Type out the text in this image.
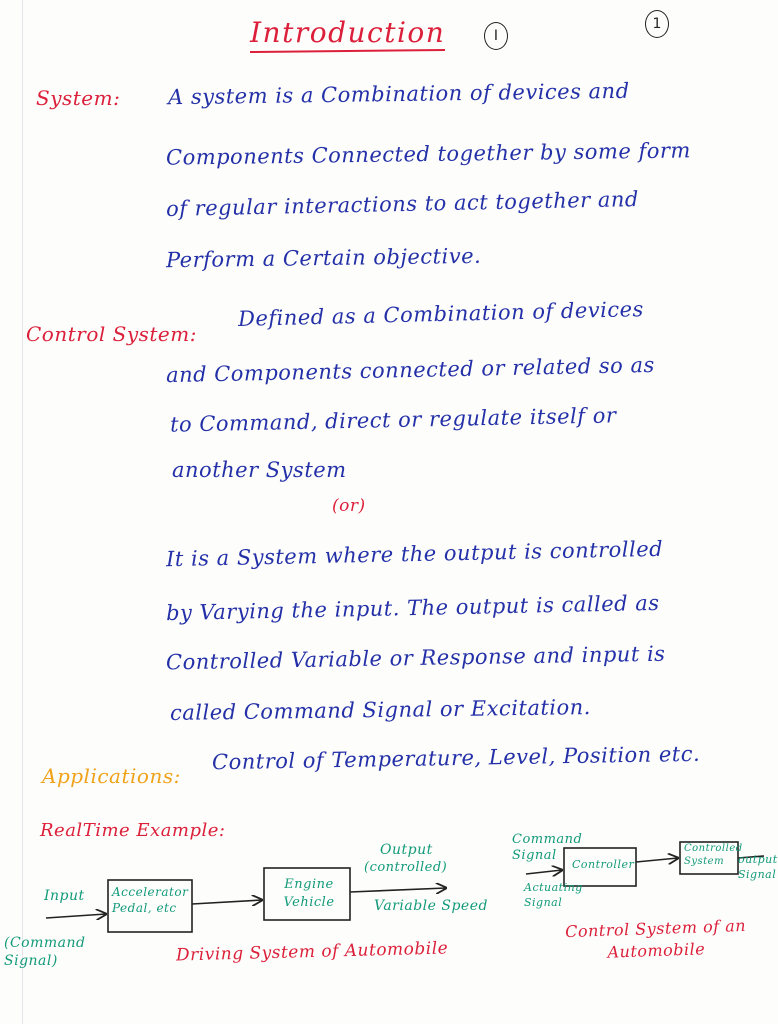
Introduction	I
1
System: A system is a Combination of devices and
Components Connected together by some form
of regular interactions to act together and
Perform a Certain objective.
Control System:
Defined as a Combination of devices
and Components connected or related so as
to Command, direct or regulate itself or
another System
(or)
It is a System where the output is controlled
by Varying the input. The output is called as
Controlled Variable or Response and input is
called Command Signal or Excitation.
Applications:
Control of Temperature, Level, Position etc.
RealTime Example:
Input
(Command Signal)
Accelerator Pedal, etc
Engine Vehicle
Output
(controlled)
Variable Speed
Driving System of Automobile
Command Signal
Actuating Signal
Controller
Controlled System	output Signal
Control System of an Automobile
